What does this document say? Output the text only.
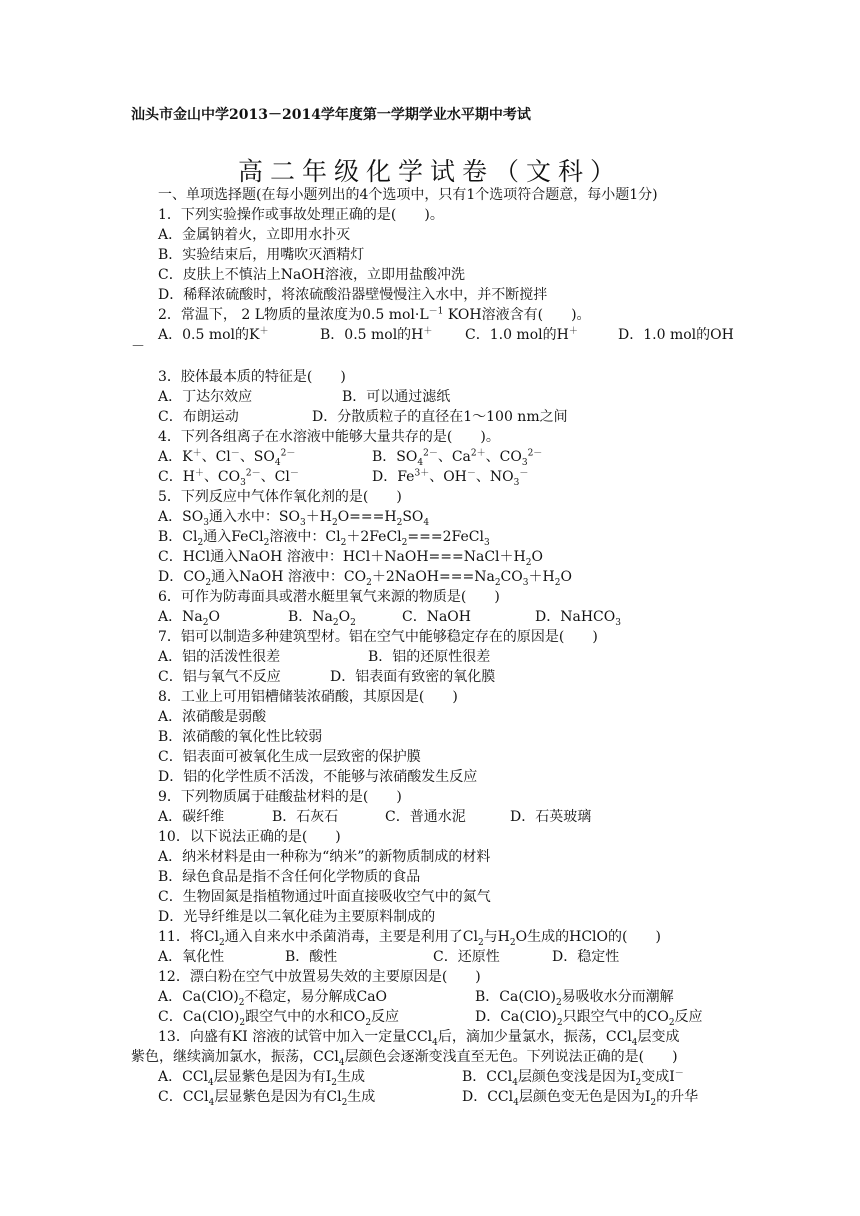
汕头市金山中学2013－2014学年度第一学期学业水平期中考试
高二年级化学试卷（文科）
一、单项选择题(在每小题列出的4个选项中，只有1个选项符合题意，每小题1分)
1．下列实验操作或事故处理正确的是(　　)。
A．金属钠着火，立即用水扑灭
B．实验结束后，用嘴吹灭酒精灯
C．皮肤上不慎沾上NaOH溶液，立即用盐酸冲洗
D．稀释浓硫酸时，将浓硫酸沿器壁慢慢注入水中，并不断搅拌
2．常温下， 2 L物质的量浓度为0.5 $mol\cdot L^{-1}$ KOH溶液含有(　　)。
A．0.5 mol的K＋	B．0.5 mol的H＋ C．1.0 mol的H＋	D．1.0 mol的OH
－
3．胶体最本质的特征是(　　)
A．丁达尔效应	B．可以通过滤纸
C．布朗运动	D．分散质粒子的直径在1～100 nm之间
4．下列各组离子在水溶液中能够大量共存的是(　　)。
A．K＋、Cl－、$SO_4^{2-}$	B．$SO_4^{2-}$、$Ca^{2+}$、$CO_3^{2-}$
C．H＋、$CO_3^{2-}$、Cl－	D．$Fe^{3+}$、OH－、$NO_3^-$
5．下列反应中气体作氧化剂的是(　　)
A．$SO_3$通入水中：$SO_3+H_2O===H_2SO_4$
B．$Cl_2$通入FeCl$_2$溶液中：$Cl_2+2FeCl_2===2FeCl_3$
C．HCl通入NaOH 溶液中：$HCl+NaOH===NaCl+H_2O$
D．$CO_2$通入NaOH 溶液中：$CO_2+2NaOH===Na_2CO_3+H_2O$
6．可作为防毒面具或潜水艇里氧气来源的物质是(　　)
A．$Na_2O$	B．$Na_2O_2$	C．NaOH	D．NaHCO$_3$
7．铝可以制造多种建筑型材。铝在空气中能够稳定存在的原因是(　　)
A．铝的活泼性很差	B．铝的还原性很差
C．铝与氧气不反应	D．铝表面有致密的氧化膜
8．工业上可用铝槽储装浓硝酸，其原因是(　　)
A．浓硝酸是弱酸
B．浓硝酸的氧化性比较弱
C．铝表面可被氧化生成一层致密的保护膜
D．铝的化学性质不活泼，不能够与浓硝酸发生反应
9．下列物质属于硅酸盐材料的是(　　)
A．碳纤维	B．石灰石	C．普通水泥	D．石英玻璃
10．以下说法正确的是(　　)
A．纳米材料是由一种称为“纳米”的新物质制成的材料
B．绿色食品是指不含任何化学物质的食品
C．生物固氮是指植物通过叶面直接吸收空气中的氮气
D．光导纤维是以二氧化硅为主要原料制成的
11．将$Cl_2$通入自来水中杀菌消毒，主要是利用了$Cl_2$与$H_2O$生成的HClO的(　　)
A．氧化性	B．酸性	C．还原性	D．稳定性
12．漂白粉在空气中放置易失效的主要原因是(　　)
A．$Ca(ClO)_2$不稳定，易分解成CaO	B．$Ca(ClO)_2$易吸收水分而潮解
C．$Ca(ClO)_2$跟空气中的水和$CO_2$反应	D．$Ca(ClO)_2$只跟空气中的$CO_2$反应
13．向盛有KI 溶液的试管中加入一定量CCl$_4$后，滴加少量氯水，振荡，CCl$_4$层变成
紫色，继续滴加氯水，振荡，CCl$_4$层颜色会逐渐变浅直至无色。下列说法正确的是(　　)
A．CCl$_4$层显紫色是因为有$I_2$生成	B．CCl$_4$层颜色变浅是因为$I_2$变成I－
C．CCl$_4$层显紫色是因为有$Cl_2$生成	D．CCl$_4$层颜色变无色是因为$I_2$的升华
